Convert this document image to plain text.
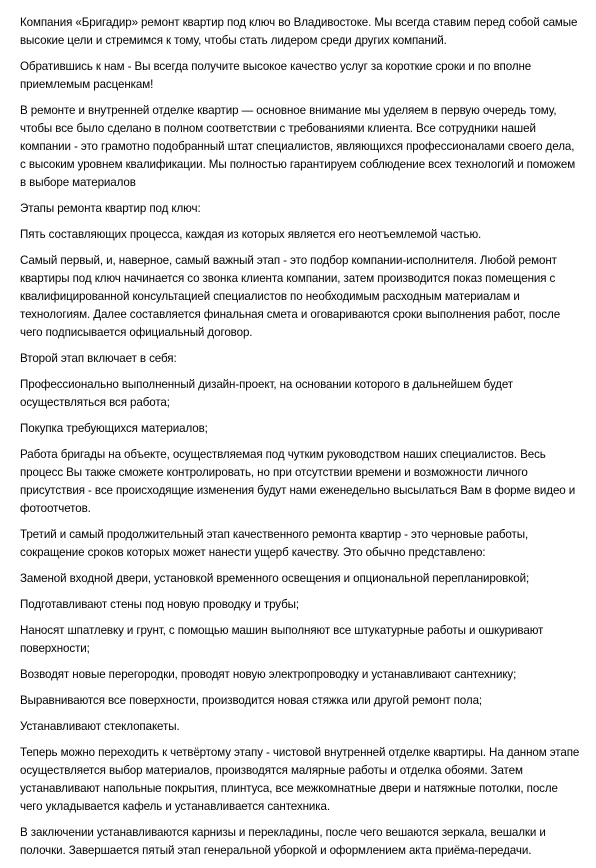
Компания «Бригадир» ремонт квартир под ключ во Владивостоке. Мы всегда ставим перед собой самые высокие цели и стремимся к тому, чтобы стать лидером среди других компаний.

Обратившись к нам - Вы всегда получите высокое качество услуг за короткие сроки и по вполне приемлемым расценкам!

В ремонте и внутренней отделке квартир — основное внимание мы уделяем в первую очередь тому, чтобы все было сделано в полном соответствии с требованиями клиента. Все сотрудники нашей компании - это грамотно подобранный штат специалистов, являющихся профессионалами своего дела, с высоким уровнем квалификации. Мы полностью гарантируем соблюдение всех технологий и поможем в выборе материалов

Этапы ремонта квартир под ключ:

Пять составляющих процесса, каждая из которых является его неотъемлемой частью.

Самый первый, и, наверное, самый важный этап - это подбор компании-исполнителя. Любой ремонт квартиры под ключ начинается со звонка клиента компании, затем производится показ помещения с квалифицированной консультацией специалистов по необходимым расходным материалам и технологиям. Далее составляется финальная смета и оговариваются сроки выполнения работ, после чего подписывается официальный договор.

Второй этап включает в себя:

Профессионально выполненный дизайн-проект, на основании которого в дальнейшем будет осуществляться вся работа;

Покупка требующихся материалов;

Работа бригады на объекте, осуществляемая под чутким руководством наших специалистов. Весь процесс Вы также сможете контролировать, но при отсутствии времени и возможности личного присутствия - все происходящие изменения будут нами еженедельно высылаться Вам в форме видео и фотоотчетов.

Третий и самый продолжительный этап качественного ремонта квартир - это черновые работы, сокращение сроков которых может нанести ущерб качеству. Это обычно представлено:

Заменой входной двери, установкой временного освещения и опциональной перепланировкой;

Подготавливают стены под новую проводку и трубы;

Наносят шпатлевку и грунт, с помощью машин выполняют все штукатурные работы и ошкуривают поверхности;

Возводят новые перегородки, проводят новую электропроводку и устанавливают сантехнику;

Выравниваются все поверхности, производится новая стяжка или другой ремонт пола;

Устанавливают стеклопакеты.

Теперь можно переходить к четвёртому этапу - чистовой внутренней отделке квартиры. На данном этапе осуществляется выбор материалов, производятся малярные работы и отделка обоями. Затем устанавливают напольные покрытия, плинтуса, все межкомнатные двери и натяжные потолки, после чего укладывается кафель и устанавливается сантехника.

В заключении устанавливаются карнизы и перекладины, после чего вешаются зеркала, вешалки и полочки. Завершается пятый этап генеральной уборкой и оформлением акта приёма-передачи.
